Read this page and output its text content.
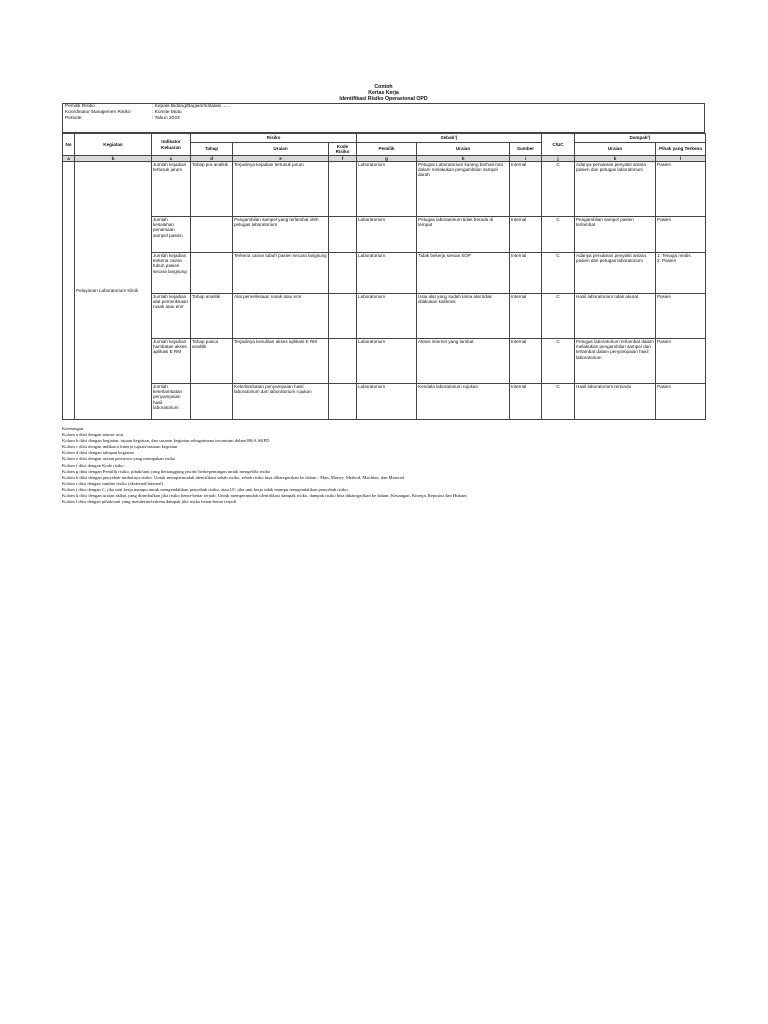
Contoh
Kertas Kerja
Identifikasi Risiko Operasional OPD
Pemilik Risiko	: Kepala Bidang/Bagian/Instalasi ......
Koordinator Manajemen Risiko	: Komite Mutu
Periode	: Tahun 2023
No	Kegiatan	Indikator Keluaran	Risiko			Sebab¹)			C/UC	Dampak²)	
			Tahap	Uraian	Kode Risiko	Pemilik	Uraian	Sumber		Uraian	Pihak yang Terkena

a	b	c	d	e	f	g	h	i	j	k	l
	Pelayanan Laboratorium Klinik	Jumlah kejadian tertusuk jarum	Tahap pra analitik	Terjadinya kejadian tertusuk jarum		Laboratorium	Petugas Laboratorium kurang berhati-hati dalam melakukan pengambilan sampel darah	Internal	C	Adanya penularan penyakit antara pasien dan petugas laboratorium	Pasien
		Jumlah kesalahan penamaan sampel pasien		Pengambilan sampel yang terlambat oleh petugas laboratorium		Laboratorium	Petugas laboratorium tidak berada di tempat	Internal	C	Pengambilan sampel pasien terlambat	Pasien
		Jumlah kejadian terkena cairan tubuh pasien secara langsung		Terkena cairan tubuh pasien secara langsung		Laboratorium	Tidak bekerja sesuai SOP	Internal	C	Adanya penularan penyakit antara pasien dan petugas laboratorium	1. Tenaga medis
2. Pasien
		Jumlah kejadian alat pemeriksaan rusak atau eror	Tahap analitik	Alat pemeriksaan rusak atau eror		Laboratorium	Usia alat yang sudah lama alat tidak dilakukan kalibrasi	Internal	C	Hasil laboratorium tidak akurat	Pasien
		Jumlah kejadian hambatan akses aplikasi E RM	Tahap pasca analitik	Terjadinya kesulitan akses aplikasi E RM		Laboratorium	Akses internet yang lambat	Internal	C	Petugas laboratorium terlambat dalam melakukan pengambilan sampel dan terlambat dalam penyampaian hasil laboratorium	Pasien
		Jumlah keterlambatan penyampaian hasil laboratorium		Keterlambatan penyampaian hasil laboratorium dari laboratorium rujukan		Laboratorium	Kendala laboratorium rujukan	Internal	C	Hasil laboratorium tertunda	Pasien
Keterangan
Kolom a diisi dengan nomor urut
Kolom b diisi dengan kegiatan, tujuan kegiatan, dan sasaran kegiatan sebagaimana tercantum dalam RKA SKPD
Kolom c diisi dengan indikator kinerja tujuan/sasaran kegiatan
Kolom d diisi dengan tahapan kegiatan
Kolom e diisi dengan uraian peristiwa yang merupakan risiko
Kolom f diisi dengan Kode risiko
Kolom g diisi dengan Pemilik risiko, pihak/unit yang bertanggung jawab/ berkepentingan untuk mengelola risiko
Kolom h diisi dengan penyebab timbulnya risiko. Untuk mempermudah identifikasi sebab risiko, sebab risiko bisa dikategorikan ke dalam : Man, Money, Method, Machine, dan Material
Kolom i diisi dengan sumber risiko (eksternal/internal)
Kolom j diisi dengan C, jika unit kerja mampu untuk mengendalikan penyebab risiko, atau UC jika unit kerja tidak mampu mengendalikan penyebab risiko
Kolom k diisi dengan uraian akibat yang ditimbulkan jika risiko benar-benar terjadi. Untuk mempermudah identifikasi dampak risiko, dampak risiko bisa dikategorikan ke dalam: Keuangan, Kinerja, Reputasi dan Hukum
Kolom l diisi dengan pihak/unit yang menderita/terkena dampak jika risiko benar-benar terjadi
